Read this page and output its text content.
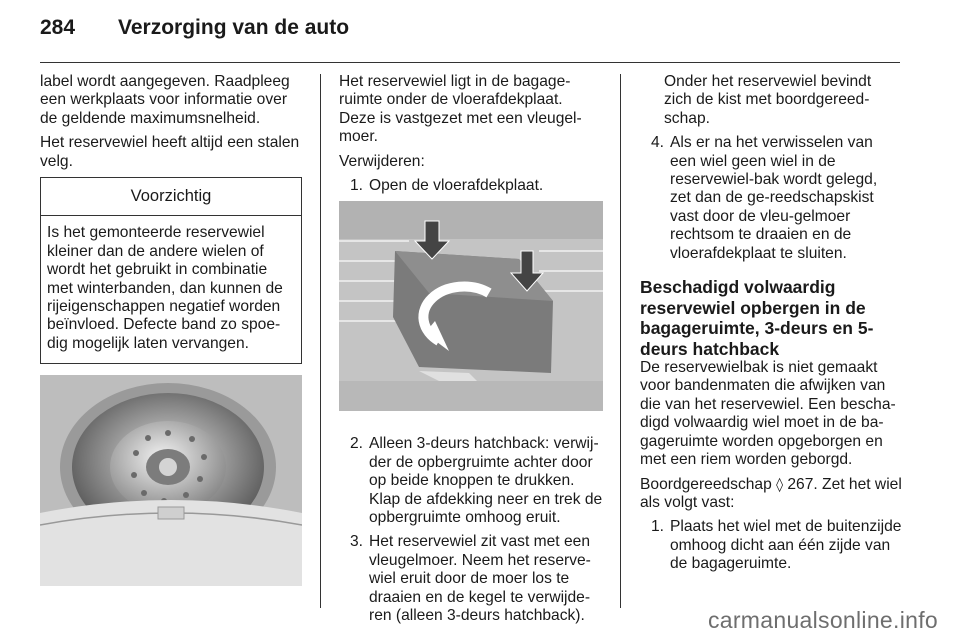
284 Verzorging van de auto

label wordt aangegeven. Raadpleeg een werkplaats voor informatie over de geldende maximumsnelheid.

Het reservewiel heeft altijd een stalen velg.

Voorzichtig
Is het gemonteerde reservewiel kleiner dan de andere wielen of wordt het gebruikt in combinatie met winterbanden, dan kunnen de rijeigenschappen negatief worden beïnvloed. Defecte band zo spoe-dig mogelijk laten vervangen.

Het reservewiel ligt in de bagage-ruimte onder de vloerafdekplaat. Deze is vastgezet met een vleugel-moer.

Verwijderen:

1. Open de vloerafdekplaat.
2. Alleen 3-deurs hatchback: verwij-der de opbergruimte achter door op beide knoppen te drukken. Klap de afdekking neer en trek de opbergruimte omhoog eruit.
3. Het reservewiel zit vast met een vleugelmoer. Neem het reserve-wiel eruit door de moer los te draaien en de kegel te verwijde-ren (alleen 3-deurs hatchback).

Onder het reservewiel bevindt zich de kist met boordgereed-schap.

4. Als er na het verwisselen van een wiel geen wiel in de reservewiel-bak wordt gelegd, zet dan de ge-reedschapskist vast door de vleu-gelmoer rechtsom te draaien en de vloerafdekplaat te sluiten.
Beschadigd volwaardig reservewiel opbergen in de bagageruimte, 3-deurs en 5-deurs hatchback

De reservewielbak is niet gemaakt voor bandenmaten die afwijken van die van het reservewiel. Een bescha-digd volwaardig wiel moet in de ba-gageruimte worden opgeborgen en met een riem worden geborgd.

Boordgereedschap ◊ 267. Zet het wiel als volgt vast:

1. Plaats het wiel met de buitenzijde omhoog dicht aan één zijde van de bagageruimte.
carmanualsonline.info
